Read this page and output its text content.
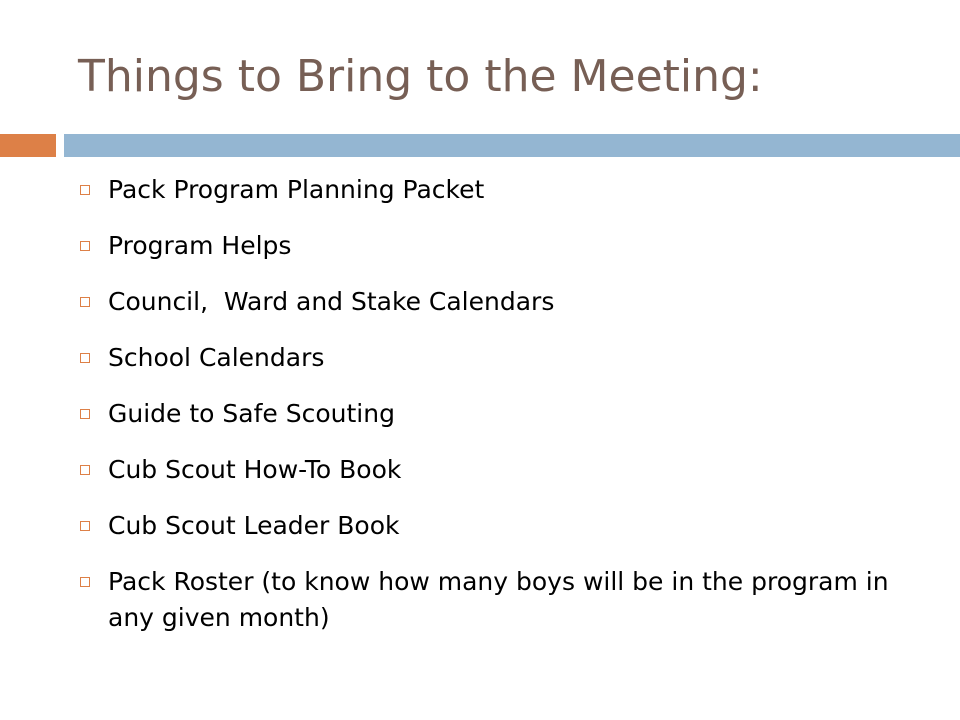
Things to Bring to the Meeting:
Pack Program Planning Packet
Program Helps
Council,  Ward and Stake Calendars
School Calendars
Guide to Safe Scouting
Cub Scout How-To Book
Cub Scout Leader Book
Pack Roster (to know how many boys will be in the program in any given month)
